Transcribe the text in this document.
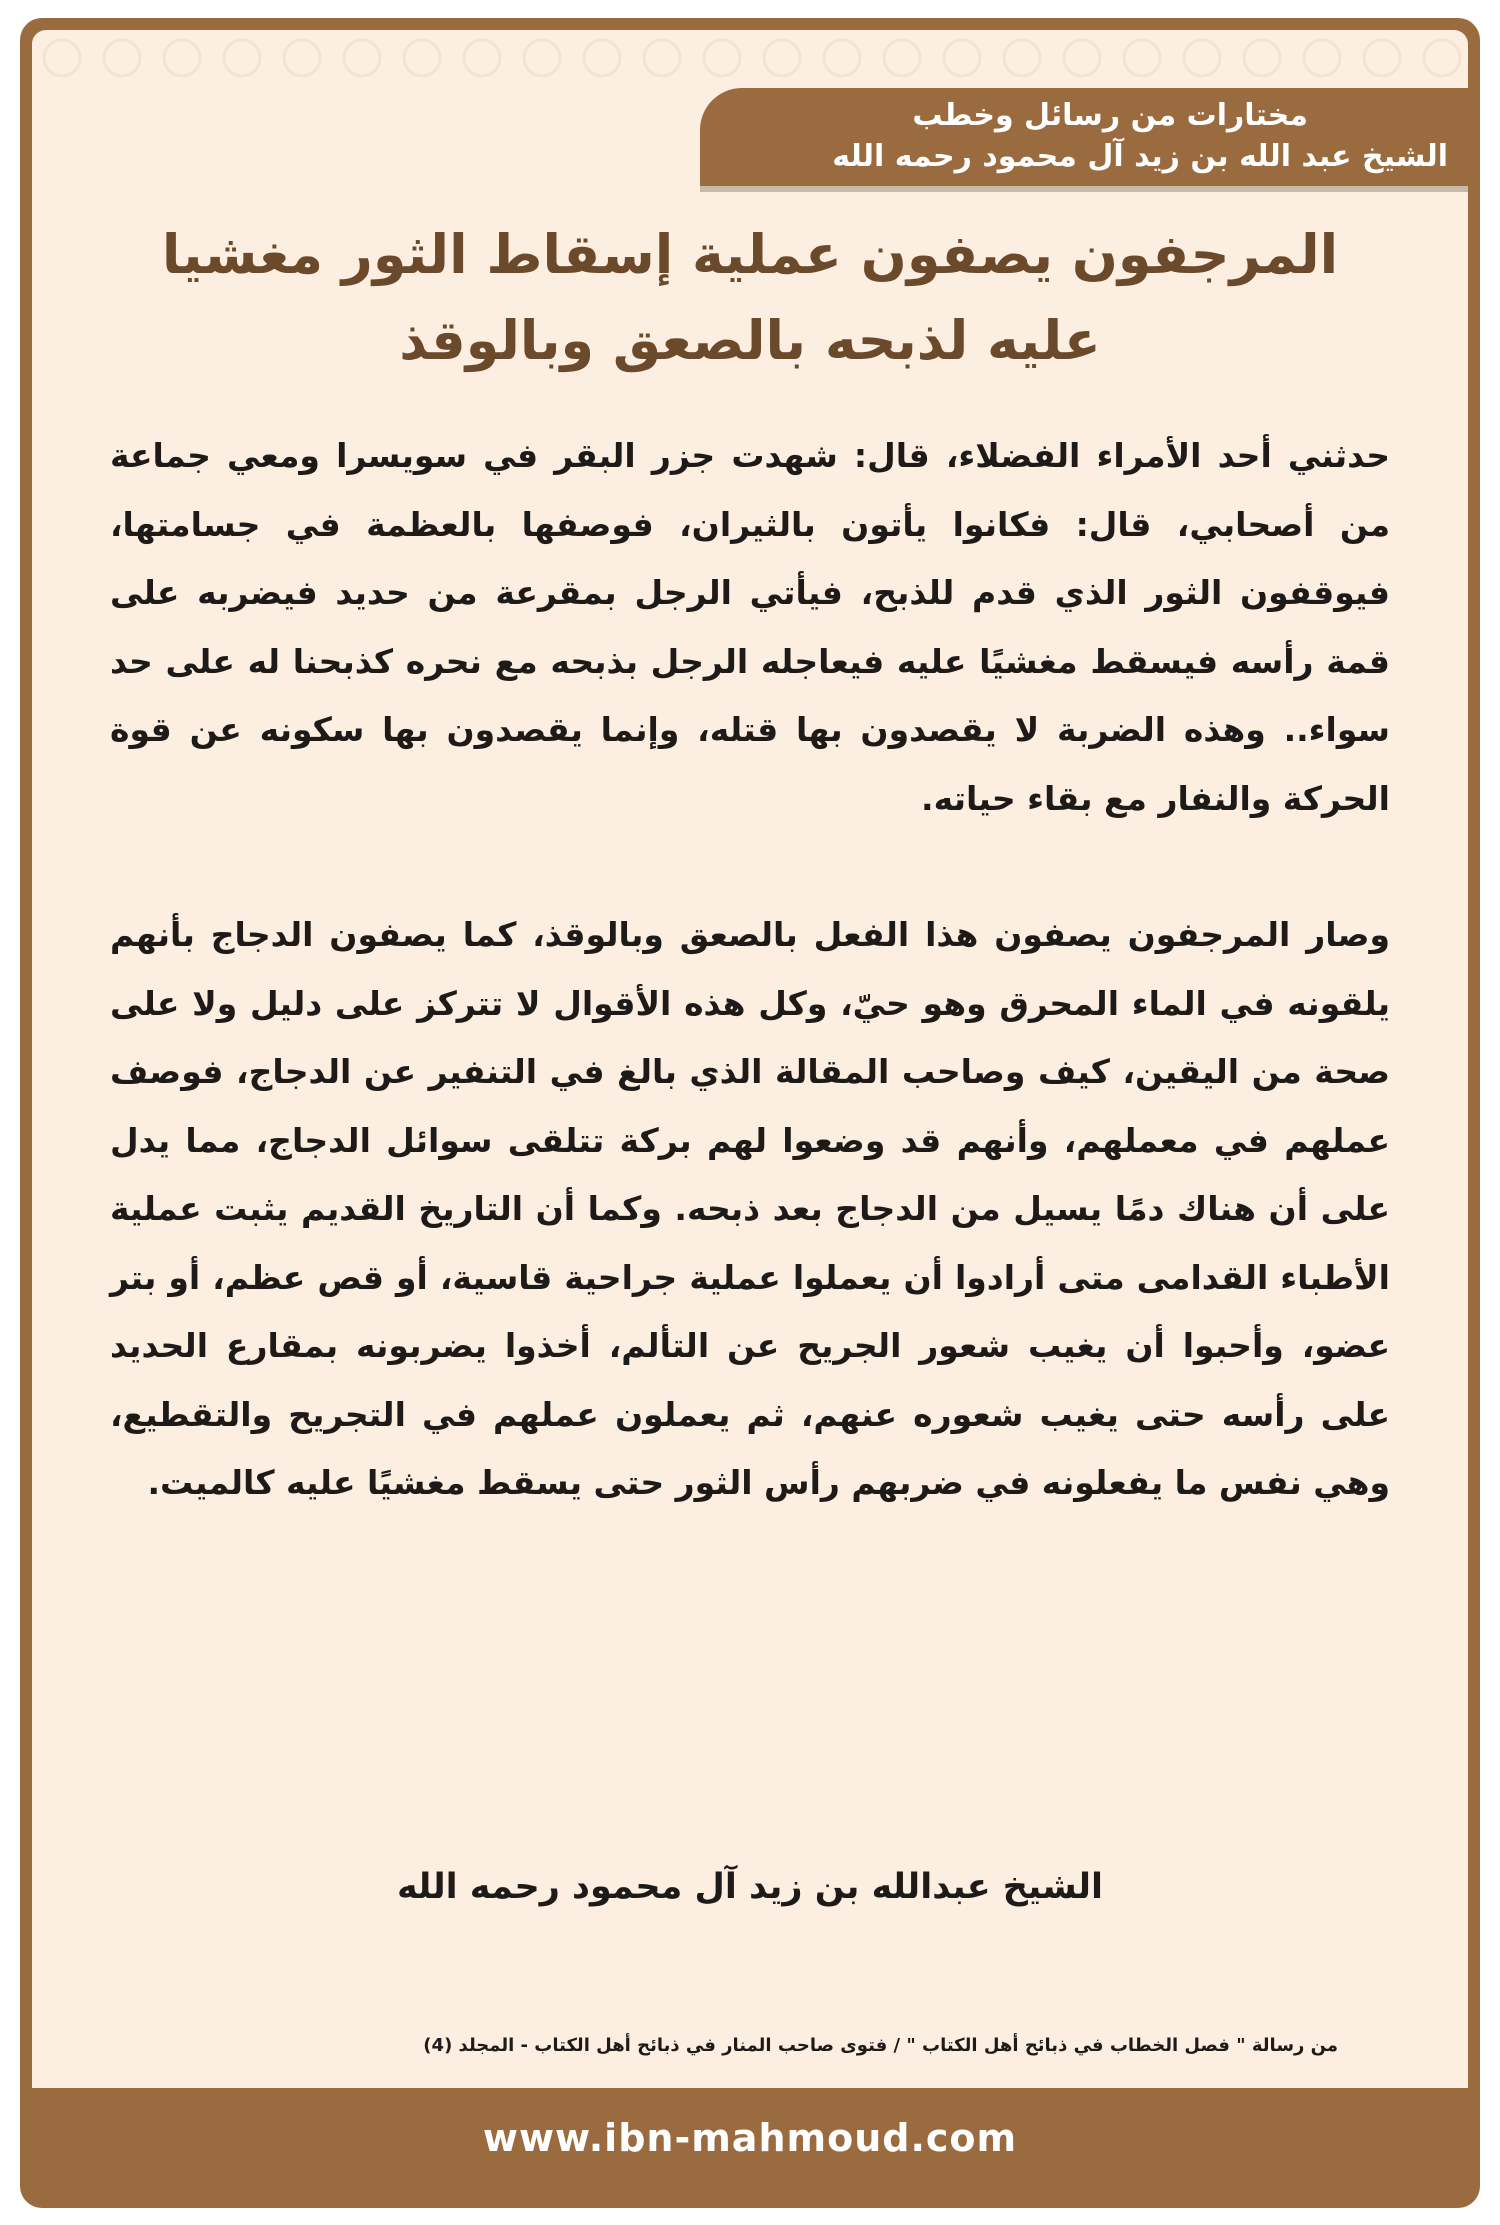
مختارات من رسائل وخطب
الشيخ عبد الله بن زيد آل محمود رحمه الله
المرجفون يصفون عملية إسقاط الثور مغشيا
عليه لذبحه بالصعق وبالوقذ

حدثني أحد الأمراء الفضلاء، قال: شهدت جزر البقر في سويسرا ومعي جماعة من أصحابي، قال: فكانوا يأتون بالثيران، فوصفها بالعظمة في جسامتها، فيوقفون الثور الذي قدم للذبح، فيأتي الرجل بمقرعة من حديد فيضربه على قمة رأسه فيسقط مغشيًا عليه فيعاجله الرجل بذبحه مع نحره كذبحنا له على حد سواء.. وهذه الضربة لا يقصدون بها قتله، وإنما يقصدون بها سكونه عن قوة الحركة والنفار مع بقاء حياته.

وصار المرجفون يصفون هذا الفعل بالصعق وبالوقذ، كما يصفون الدجاج بأنهم يلقونه في الماء المحرق وهو حيّ، وكل هذه الأقوال لا تتركز على دليل ولا على صحة من اليقين، كيف وصاحب المقالة الذي بالغ في التنفير عن الدجاج، فوصف عملهم في معملهم، وأنهم قد وضعوا لهم بركة تتلقى سوائل الدجاج، مما يدل على أن هناك دمًا يسيل من الدجاج بعد ذبحه. وكما أن التاريخ القديم يثبت عملية الأطباء القدامى متى أرادوا أن يعملوا عملية جراحية قاسية، أو قص عظم، أو بتر عضو، وأحبوا أن يغيب شعور الجريح عن التألم، أخذوا يضربونه بمقارع الحديد على رأسه حتى يغيب شعوره عنهم، ثم يعملون عملهم في التجريح والتقطيع، وهي نفس ما يفعلونه في ضربهم رأس الثور حتى يسقط مغشيًا عليه كالميت.

الشيخ عبدالله بن زيد آل محمود رحمه الله
من رسالة " فصل الخطاب في ذبائح أهل الكتاب " / فتوى صاحب المنار في ذبائح أهل الكتاب - المجلد (4)
www.ibn-mahmoud.com
